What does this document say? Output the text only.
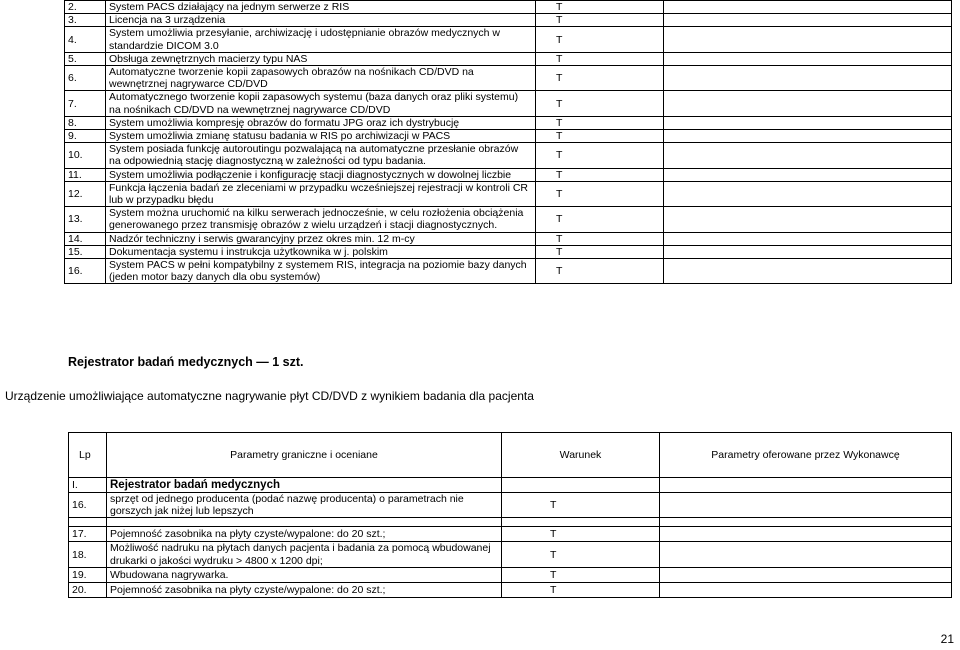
2.	System PACS działający na jednym serwerze z RIS	T	
3.	Licencja na 3 urządzenia	T	
4.	System umożliwia przesyłanie, archiwizację i udostępnianie obrazów medycznych w standardzie DICOM 3.0	T	
5.	Obsługa zewnętrznych macierzy typu NAS	T	
6.	Automatyczne tworzenie kopii zapasowych obrazów na nośnikach CD/DVD na wewnętrznej nagrywarce CD/DVD	T	
7.	Automatycznego tworzenie kopii zapasowych systemu (baza danych oraz pliki systemu) na nośnikach CD/DVD na wewnętrznej nagrywarce CD/DVD	T	
8.	System umożliwia kompresję obrazów do formatu JPG oraz ich dystrybucję	T	
9.	System umożliwia zmianę statusu badania w RIS po archiwizacji w PACS	T	
10.	System posiada funkcję autoroutingu pozwalającą na automatyczne przesłanie obrazów na odpowiednią stację diagnostyczną w zależności od typu badania.	T	
11.	System umożliwia podłączenie i konfigurację stacji diagnostycznych w dowolnej liczbie	T	
12.	Funkcja łączenia badań ze zleceniami w przypadku wcześniejszej rejestracji w kontroli CR lub w przypadku błędu	T	
13.	System można uruchomić na kilku serwerach jednocześnie, w celu rozłożenia obciążenia generowanego przez transmisję obrazów z wielu urządzeń i stacji diagnostycznych.	T	
14.	Nadzór techniczny i serwis gwarancyjny przez okres min. 12 m-cy	T	
15.	Dokumentacja systemu i instrukcja użytkownika w j. polskim	T	
16.	System PACS w pełni kompatybilny z systemem RIS, integracja na poziomie bazy danych (jeden motor bazy danych dla obu systemów)	T	
Rejestrator badań medycznych — 1 szt.
Urządzenie umożliwiające automatyczne nagrywanie płyt CD/DVD z wynikiem badania dla pacjenta
Lp	Parametry graniczne i oceniane	Warunek	Parametry oferowane przez Wykonawcę
I.	Rejestrator badań medycznych		
16.	sprzęt od jednego producenta (podać nazwę producenta) o parametrach nie gorszych jak niżej lub lepszych	T	

17.	Pojemność zasobnika na płyty czyste/wypalone: do 20 szt.;	T	
18.	Możliwość nadruku na płytach danych pacjenta i badania za pomocą wbudowanej drukarki o jakości wydruku > 4800 x 1200 dpi;	T	
19.	Wbudowana nagrywarka.	T	
20.	Pojemność zasobnika na płyty czyste/wypalone: do 20 szt.;	T	
21
